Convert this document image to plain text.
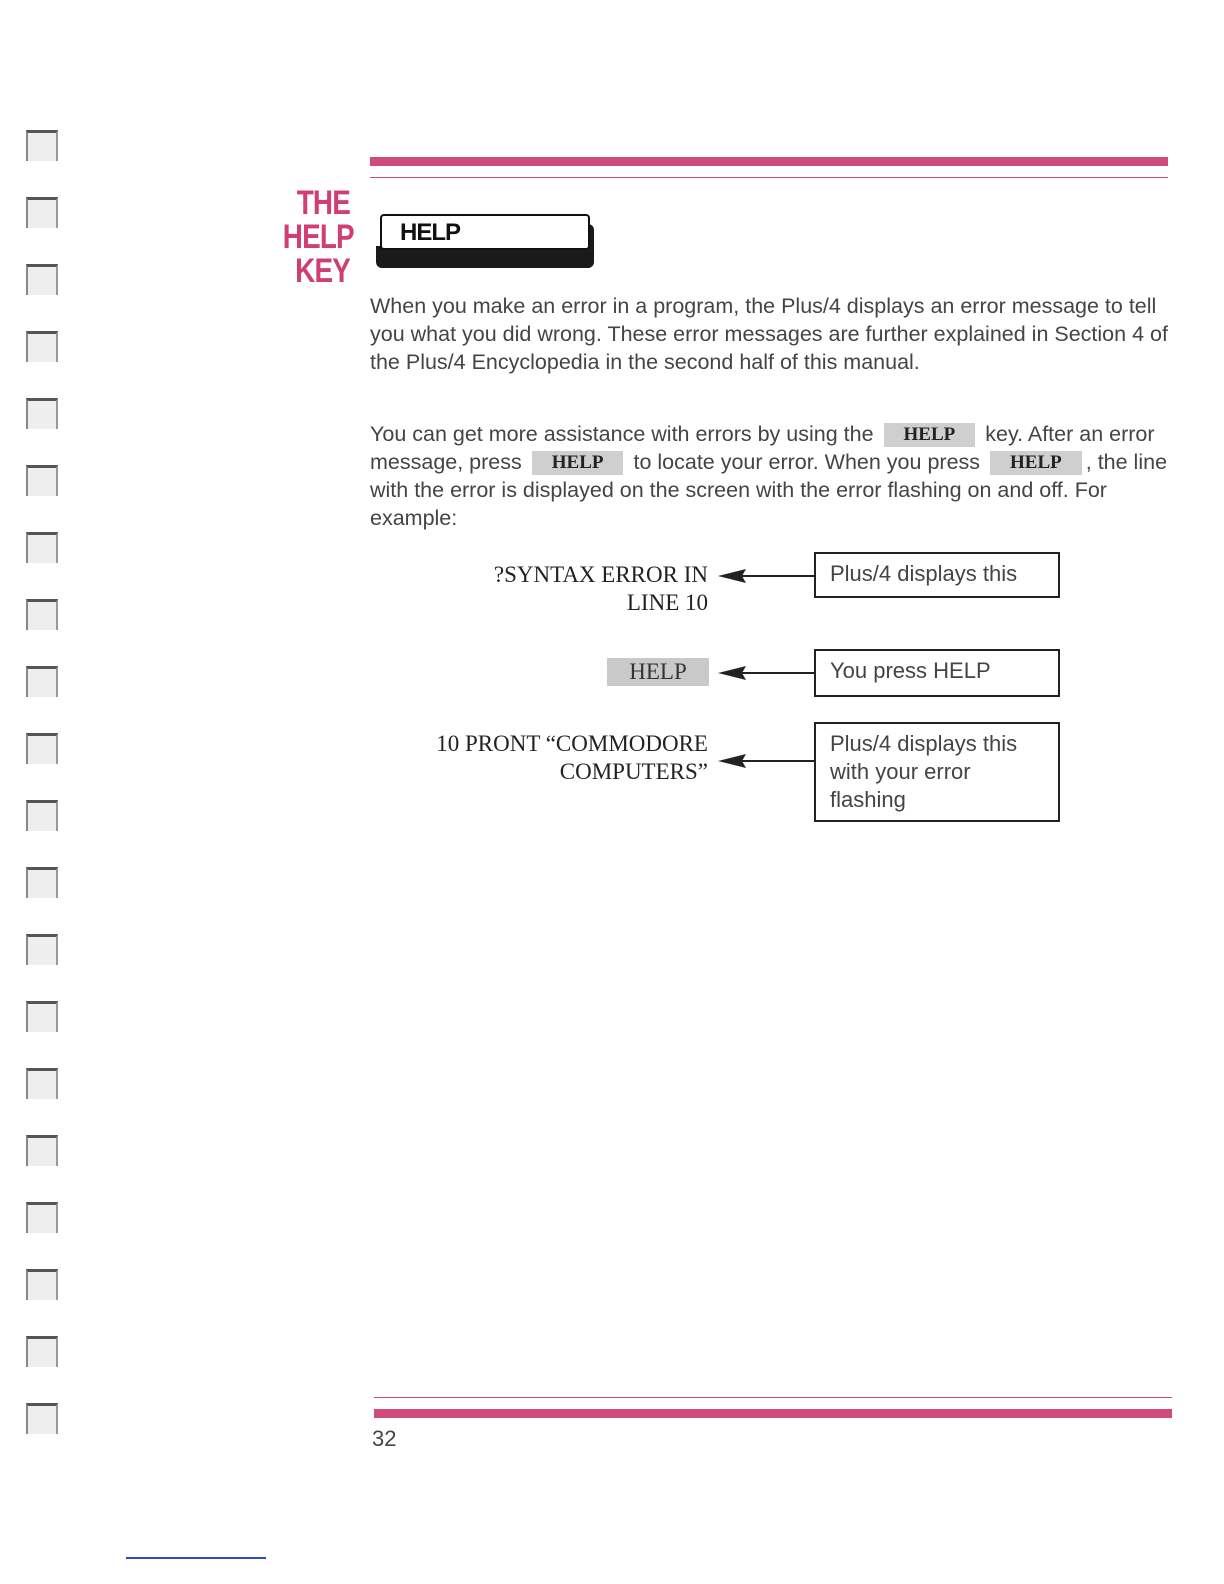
THE
HELP
KEY
HELP

When you make an error in a program, the Plus/4 displays an error message to tell you what you did wrong. These error messages are further explained in Section 4 of the Plus/4 Encyclopedia in the second half of this manual.

You can get more assistance with errors by using the HELP key. After an error message, press HELP to locate your error. When you press HELP , the line with the error is displayed on the screen with the error flashing on and off. For example:

?SYNTAX ERROR IN
LINE 10
Plus/4 displays this
HELP	You press HELP
10 PRONT “COMMODORE
COMPUTERS”
Plus/4 displays this with your error flashing
32
